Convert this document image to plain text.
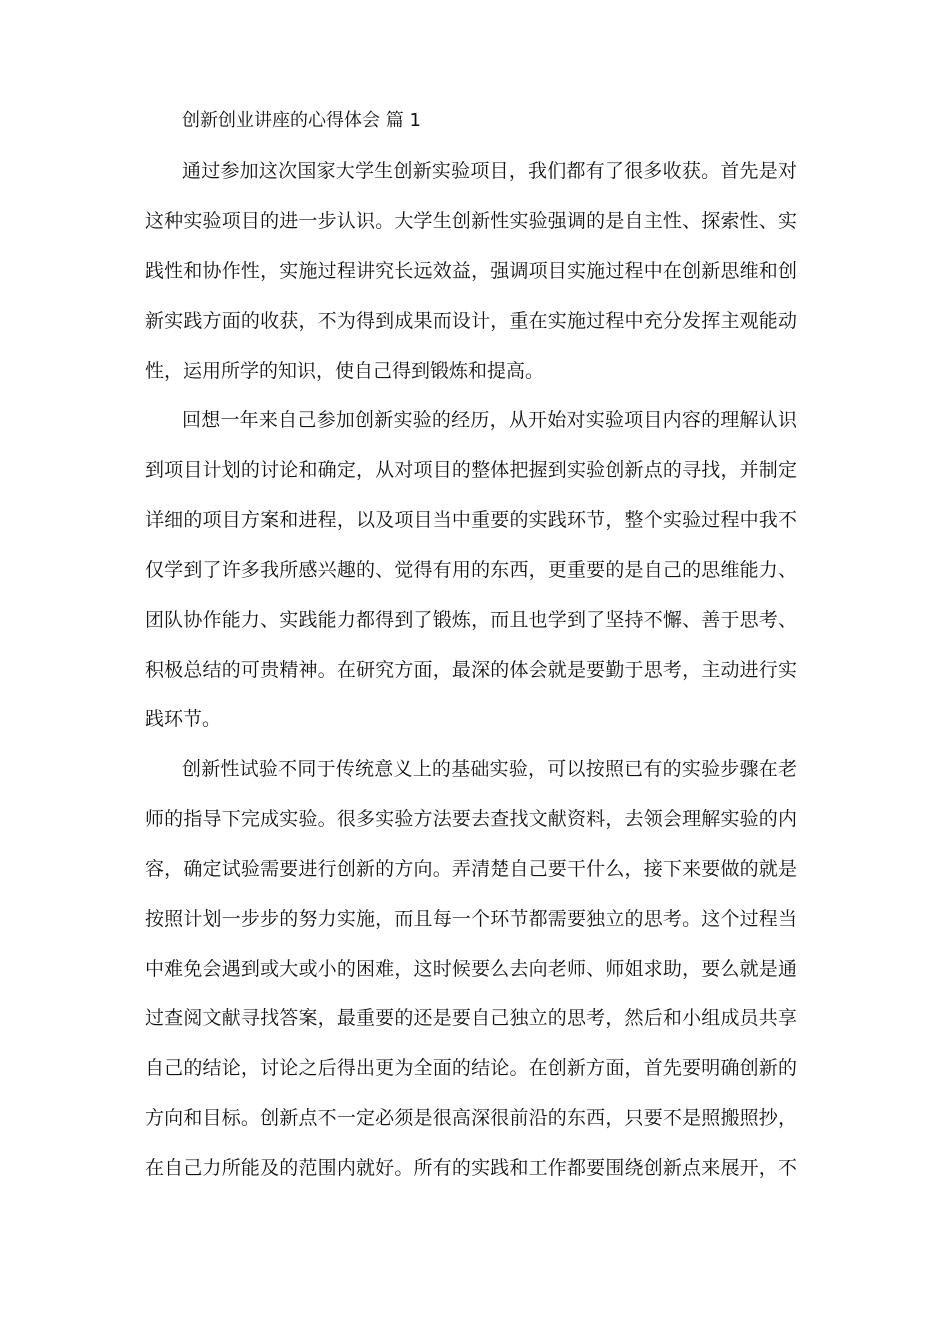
创新创业讲座的心得体会 篇 1
通过参加这次国家大学生创新实验项目，我们都有了很多收获。首先是对
这种实验项目的进一步认识。大学生创新性实验强调的是自主性、探索性、实
践性和协作性，实施过程讲究长远效益，强调项目实施过程中在创新思维和创
新实践方面的收获，不为得到成果而设计，重在实施过程中充分发挥主观能动
性，运用所学的知识，使自己得到锻炼和提高。
回想一年来自己参加创新实验的经历，从开始对实验项目内容的理解认识
到项目计划的讨论和确定，从对项目的整体把握到实验创新点的寻找，并制定
详细的项目方案和进程，以及项目当中重要的实践环节，整个实验过程中我不
仅学到了许多我所感兴趣的、觉得有用的东西，更重要的是自己的思维能力、
团队协作能力、实践能力都得到了锻炼，而且也学到了坚持不懈、善于思考、
积极总结的可贵精神。在研究方面，最深的体会就是要勤于思考，主动进行实
践环节。
创新性试验不同于传统意义上的基础实验，可以按照已有的实验步骤在老
师的指导下完成实验。很多实验方法要去查找文献资料，去领会理解实验的内
容，确定试验需要进行创新的方向。弄清楚自己要干什么，接下来要做的就是
按照计划一步步的努力实施，而且每一个环节都需要独立的思考。这个过程当
中难免会遇到或大或小的困难，这时候要么去向老师、师姐求助，要么就是通
过查阅文献寻找答案，最重要的还是要自己独立的思考，然后和小组成员共享
自己的结论，讨论之后得出更为全面的结论。在创新方面，首先要明确创新的
方向和目标。创新点不一定必须是很高深很前沿的东西，只要不是照搬照抄，
在自己力所能及的范围内就好。所有的实践和工作都要围绕创新点来展开，不
